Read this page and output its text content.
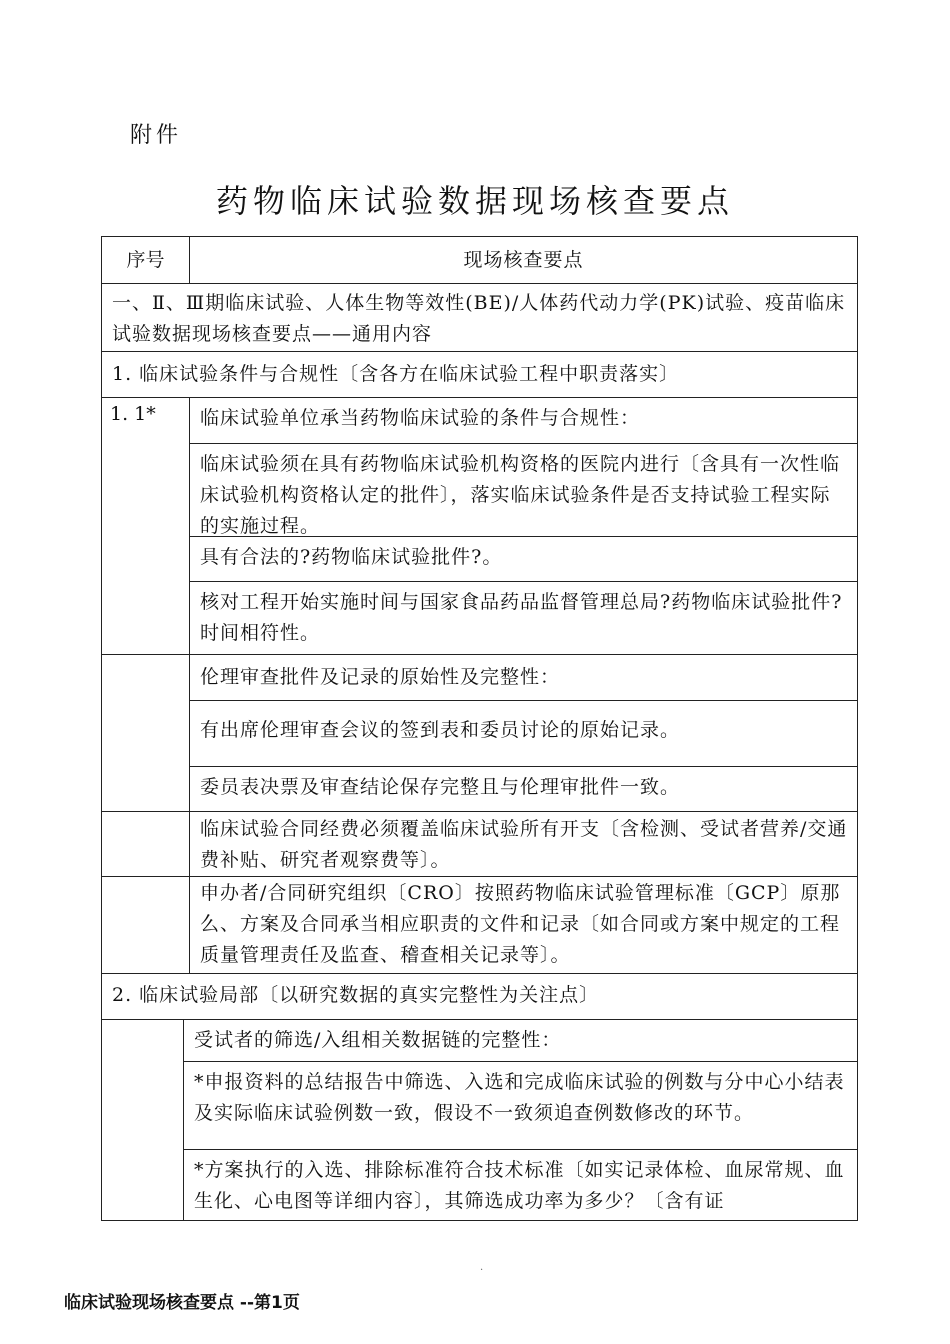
附件
药物临床试验数据现场核查要点
序号	现场核查要点
一、Ⅱ、Ⅲ期临床试验、人体生物等效性(BE)/人体药代动力学(PK)试验、疫苗临床试验数据现场核查要点——通用内容
1. 临床试验条件与合规性〔含各方在临床试验工程中职责落实〕
1. 1*	临床试验单位承当药物临床试验的条件与合规性：
临床试验须在具有药物临床试验机构资格的医院内进行〔含具有一次性临床试验机构资格认定的批件〕，落实临床试验条件是否支持试验工程实际的实施过程。
具有合法的?药物临床试验批件?。
核对工程开始实施时间与国家食品药品监督管理总局?药物临床试验批件?时间相符性。
伦理审查批件及记录的原始性及完整性：
有出席伦理审查会议的签到表和委员讨论的原始记录。
委员表决票及审查结论保存完整且与伦理审批件一致。
临床试验合同经费必须覆盖临床试验所有开支〔含检测、受试者营养/交通费补贴、研究者观察费等〕。
申办者/合同研究组织〔CRO〕按照药物临床试验管理标准〔GCP〕原那么、方案及合同承当相应职责的文件和记录〔如合同或方案中规定的工程质量管理责任及监查、稽查相关记录等〕。
2. 临床试验局部〔以研究数据的真实完整性为关注点〕
受试者的筛选/入组相关数据链的完整性：
*申报资料的总结报告中筛选、入选和完成临床试验的例数与分中心小结表及实际临床试验例数一致，假设不一致须追查例数修改的环节。
*方案执行的入选、排除标准符合技术标准〔如实记录体检、血尿常规、血生化、心电图等详细内容〕，其筛选成功率为多少？〔含有证
.
临床试验现场核查要点 --第1页
